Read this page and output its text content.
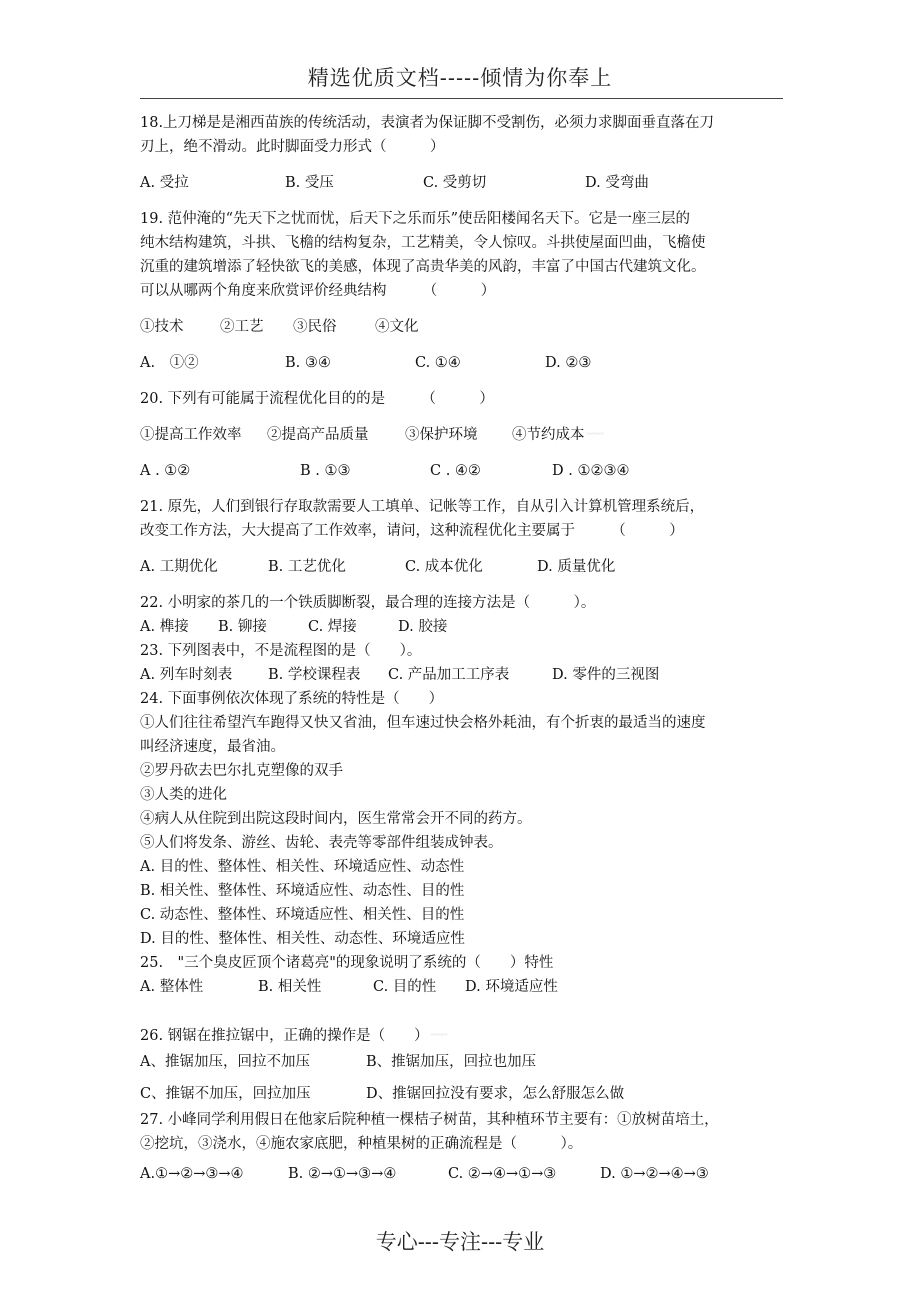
精选优质文档-----倾情为你奉上
18.上刀梯是是湘西苗族的传统活动，表演者为保证脚不受割伤，必须力求脚面垂直落在刀
刃上，绝不滑动。此时脚面受力形式（　　　）
A. 受拉	B. 受压	C. 受剪切	D. 受弯曲
19. 范仲淹的“先天下之忧而忧，后天下之乐而乐”使岳阳楼闻名天下。它是一座三层的
纯木结构建筑，斗拱、飞檐的结构复杂，工艺精美，令人惊叹。斗拱使屋面凹曲，飞檐使
沉重的建筑增添了轻快欲飞的美感，体现了高贵华美的风韵，丰富了中国古代建筑文化。
可以从哪两个角度来欣赏评价经典结构　　　（　　　）
①技术	②工艺 ③民俗	④文化
A.　①②	B. ③④	C. ①④	D. ②③
20. 下列有可能属于流程优化目的的是　　　（　　　）
①提高工作效率 ②提高产品质量	③保护环境 ④节约成本 〰〰〰
A . ①②	B . ①③	C . ④②	D . ①②③④
21. 原先，人们到银行存取款需要人工填单、记帐等工作，自从引入计算机管理系统后，
改变工作方法，大大提高了工作效率，请问，这种流程优化主要属于　　　（　　　）
A. 工期优化	B. 工艺优化	C. 成本优化	D. 质量优化
22. 小明家的茶几的一个铁质脚断裂，最合理的连接方法是（　　　）。
A. 榫接 B. 铆接	C. 焊接	D. 胶接
23. 下列图表中，不是流程图的是（　　）。
A. 列车时刻表 B. 学校课程表 C. 产品加工工序表	D. 零件的三视图
24. 下面事例依次体现了系统的特性是（　　）
①人们往往希望汽车跑得又快又省油，但车速过快会格外耗油，有个折衷的最适当的速度
叫经济速度，最省油。
②罗丹砍去巴尔扎克塑像的双手
③人类的进化
④病人从住院到出院这段时间内，医生常常会开不同的药方。
⑤人们将发条、游丝、齿轮、表壳等零部件组装成钟表。
A. 目的性、整体性、相关性、环境适应性、动态性
B. 相关性、整体性、环境适应性、动态性、目的性
C. 动态性、整体性、环境适应性、相关性、目的性
D. 目的性、整体性、相关性、动态性、环境适应性
25.　"三个臭皮匠顶个诸葛亮"的现象说明了系统的（　　）特性
A. 整体性	B. 相关性	C. 目的性 D. 环境适应性
26. 钢锯在推拉锯中，正确的操作是（　　） 〰〰〰
A、推锯加压，回拉不加压	B、推锯加压，回拉也加压
C、推锯不加压，回拉加压	D、推锯回拉没有要求，怎么舒服怎么做
27. 小峰同学利用假日在他家后院种植一棵桔子树苗，其种植环节主要有：①放树苗培土，
②挖坑，③浇水，④施农家底肥，种植果树的正确流程是（　　　）。
A.①→②→③→④	B. ②→①→③→④	C. ②→④→①→③	D. ①→②→④→③
专心---专注---专业
